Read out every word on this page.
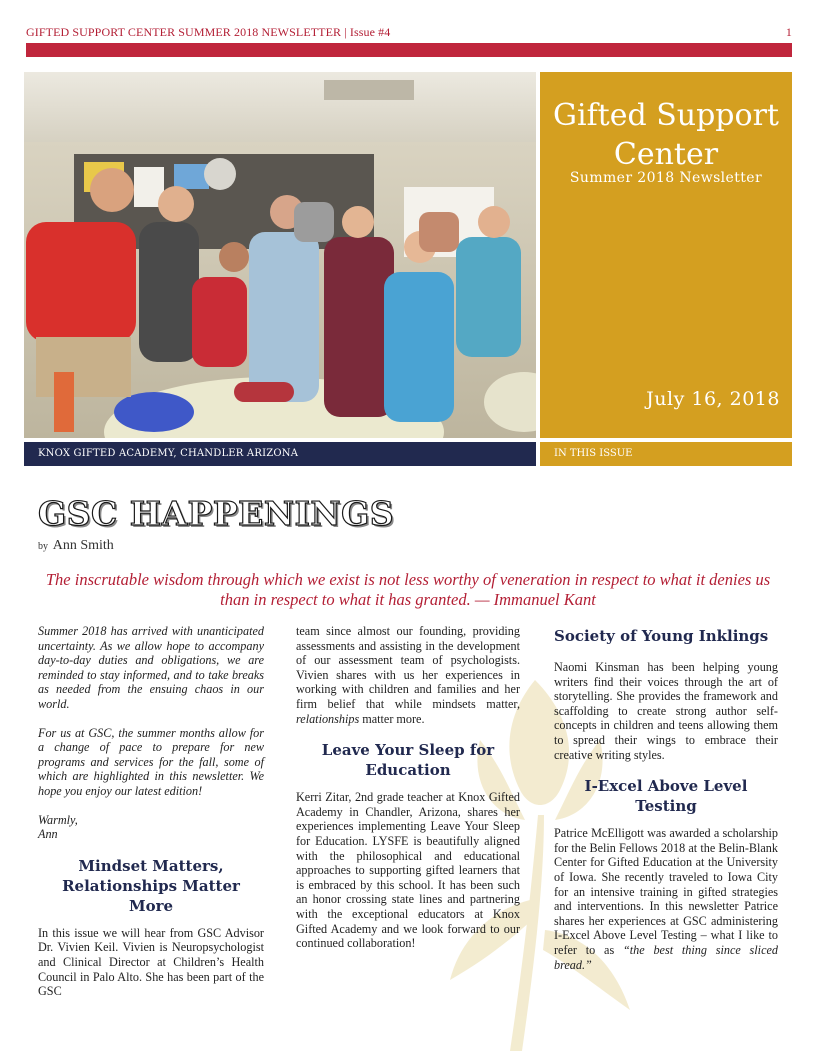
GIFTED SUPPORT CENTER SUMMER 2018 NEWSLETTER | Issue #4	1
Gifted Support
Center
Summer 2018 Newsletter
July 16, 2018
KNOX GIFTED ACADEMY, CHANDLER ARIZONA	IN THIS ISSUE
GSC HAPPENINGS
by Ann Smith
The inscrutable wisdom through which we exist is not less worthy of veneration in respect to what it denies us than in respect to what it has granted. — Immanuel Kant

Summer 2018 has arrived with unanticipated uncertainty. As we allow hope to accompany day-to-day duties and obligations, we are reminded to stay informed, and to take breaks as needed from the ensuing chaos in our world.

For us at GSC, the summer months allow for a change of pace to prepare for new programs and services for the fall, some of which are highlighted in this newsletter. We hope you enjoy our latest edition!

Warmly,
Ann

Mindset Matters, Relationships Matter More

In this issue we will hear from GSC Advisor Dr. Vivien Keil. Vivien is Neuropsychologist and Clinical Director at Children’s Health Council in Palo Alto. She has been part of the GSC

team since almost our founding, providing assessments and assisting in the development of our assessment team of psychologists. Vivien shares with us her experiences in working with children and families and her firm belief that while mindsets matter, relationships matter more.

Leave Your Sleep for Education

Kerri Zitar, 2nd grade teacher at Knox Gifted Academy in Chandler, Arizona, shares her experiences implementing Leave Your Sleep for Education. LYSFE is beautifully aligned with the philosophical and educational approaches to supporting gifted learners that is embraced by this school. It has been such an honor crossing state lines and partnering with the exceptional educators at Knox Gifted Academy and we look forward to our continued collaboration!

Society of Young Inklings

Naomi Kinsman has been helping young writers find their voices through the art of storytelling. She provides the framework and scaffolding to create strong author self-concepts in children and teens allowing them to spread their wings to embrace their creative writing styles.

I-Excel Above Level Testing

Patrice McElligott was awarded a scholarship for the Belin Fellows 2018 at the Belin-Blank Center for Gifted Education at the University of Iowa. She recently traveled to Iowa City for an intensive training in gifted strategies and interventions. In this newsletter Patrice shares her experiences at GSC administering I-Excel Above Level Testing – what I like to refer to as “the best thing since sliced bread.”
